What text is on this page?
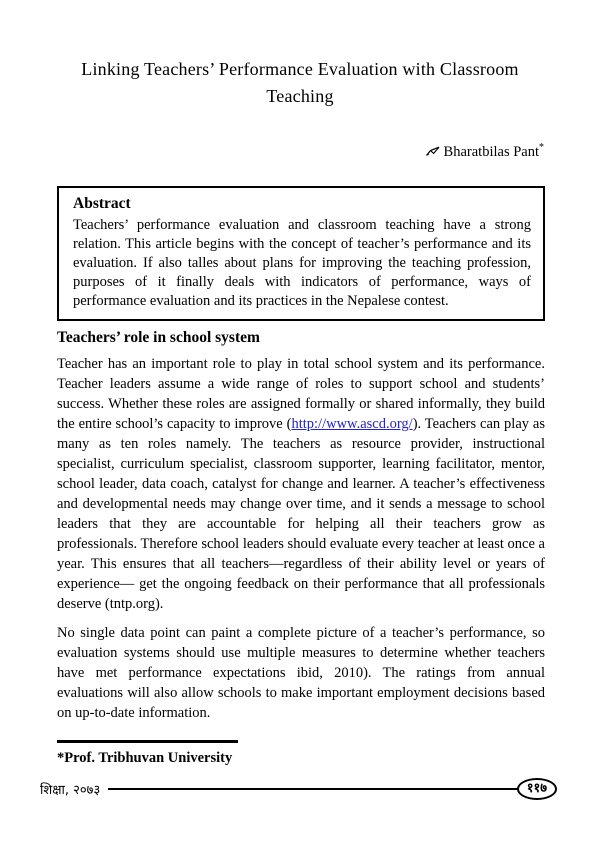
Linking Teachers’ Performance Evaluation with Classroom Teaching
Bharatbilas Pant*
Abstract

Teachers’ performance evaluation and classroom teaching have a strong relation. This article begins with the concept of teacher’s performance and its evaluation. If also talles about plans for improving the teaching profession, purposes of it finally deals with indicators of performance, ways of performance evaluation and its practices in the Nepalese contest.

Teachers’ role in school system

Teacher has an important role to play in total school system and its performance. Teacher leaders assume a wide range of roles to support school and students’ success. Whether these roles are assigned formally or shared informally, they build the entire school’s capacity to improve (http://www.ascd.org/). Teachers can play as many as ten roles namely. The teachers as resource provider, instructional specialist, curriculum specialist, classroom supporter, learning facilitator, mentor, school leader, data coach, catalyst for change and learner. A teacher’s effectiveness and developmental needs may change over time, and it sends a message to school leaders that they are accountable for helping all their teachers grow as professionals. Therefore school leaders should evaluate every teacher at least once a year. This ensures that all teachers—regardless of their ability level or years of experience— get the ongoing feedback on their performance that all professionals deserve (tntp.org).

No single data point can paint a complete picture of a teacher’s performance, so evaluation systems should use multiple measures to determine whether teachers have met performance expectations ibid, 2010). The ratings from annual evaluations will also allow schools to make important employment decisions based on up-to-date information.

*Prof. Tribhuvan University
शिक्षा, २०७३	११७
